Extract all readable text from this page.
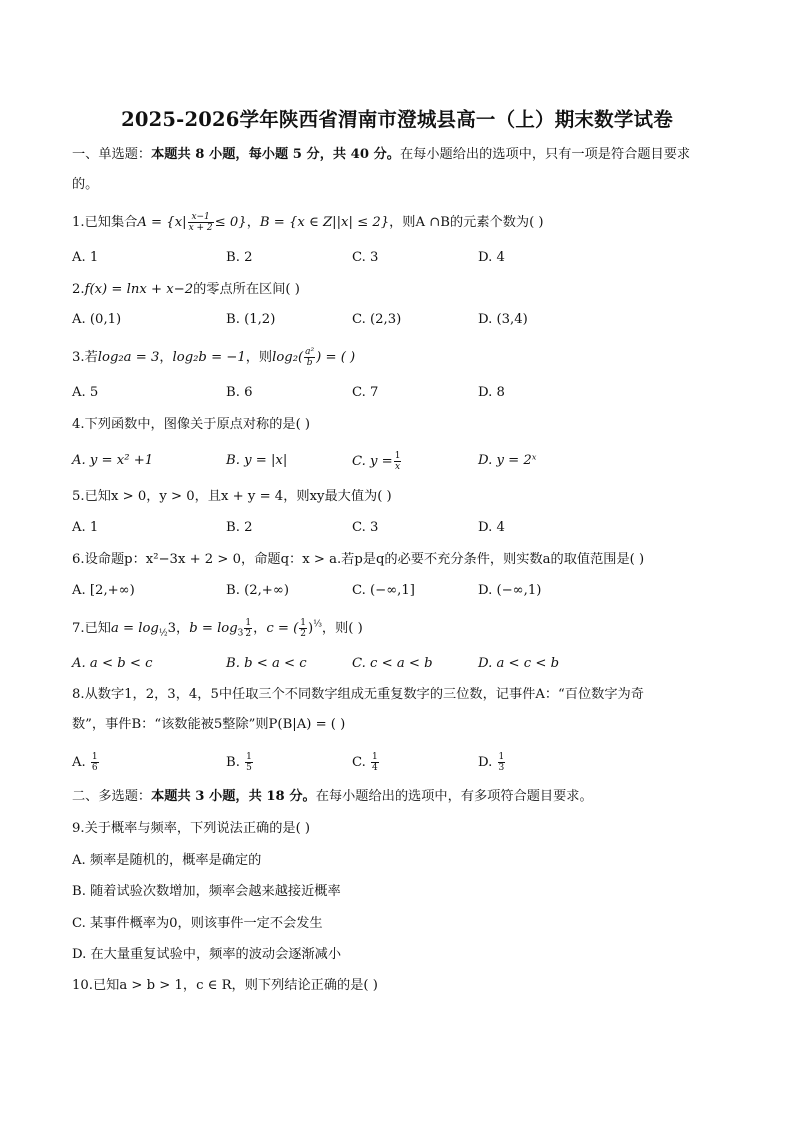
2025-2026学年陕西省渭南市澄城县高一（上）期末数学试卷
一、单选题：本题共 8 小题，每小题 5 分，共 40 分。在每小题给出的选项中，只有一项是符合题目要求
的。
1.已知集合$A = \{x| \frac{x-1}{x + 2} \le 0\}$，B = {x ∈ Z||x| ≤ 2}，则A ∩B的元素个数为( )
A. 1	B. 2	C. 3	D. 4
2.f(x) = lnx + x−2的零点所在区间( )
A. (0,1)	B. (1,2)	C. (2,3)	D. (3,4)
3.若log₂a = 3，log₂b = −1，则$\log_2( \frac{\text{a²}}{b}$ ) = ( )
A. 5	B. 6	C. 7	D. 8
4.下列函数中，图像关于原点对称的是( )
A. y = x² +1	B. y = |x|	C. $y = \frac{1}{x}$	D. y = 2ˣ
5.已知x > 0，y > 0，且x + y = 4，则xy最大值为( )
A. 1	B. 2	C. 3	D. 4
6.设命题p：x²−3x + 2 > 0，命题q：x > a.若p是q的必要不充分条件，则实数a的取值范围是( )
A. [2,+∞)	B. (2,+∞)	C. (−∞,1]	D. (−∞,1)
7.已知$a = \log_{\frac{1}{2}}3$，$b = \log_3 \frac{1}{2}$ ，c = ( $\frac{1}{2} )^{\frac{1}{3}}$，则( )
A. a < b < c	B. b < a < c	C. c < a < b	D. a < c < b
8.从数字1，2，3，4，5中任取三个不同数字组成无重复数字的三位数，记事件A：“百位数字为奇
数”，事件B：“该数能被5整除”则P(B|A) = ( )
A. $\frac{1}{6}$	B. $\frac{1}{5}$	C. $\frac{1}{4}$	D. $\frac{1}{3}$
二、多选题：本题共 3 小题，共 18 分。在每小题给出的选项中，有多项符合题目要求。
9.关于概率与频率，下列说法正确的是( )
A. 频率是随机的，概率是确定的
B. 随着试验次数增加，频率会越来越接近概率
C. 某事件概率为0，则该事件一定不会发生
D. 在大量重复试验中，频率的波动会逐渐减小
10.已知a > b > 1，c ∈ R，则下列结论正确的是( )
